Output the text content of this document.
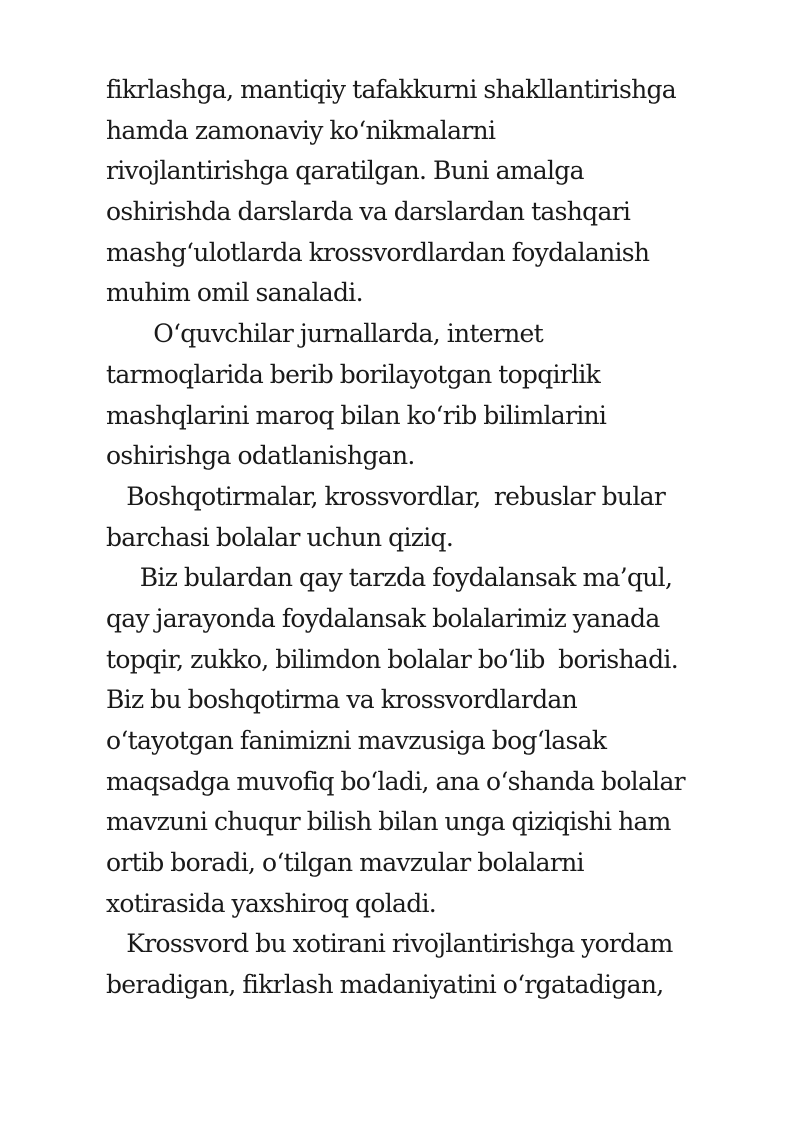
fikrlashga, mantiqiy tafakkurni shakllantirishga
hamda zamonaviy koʻnikmalarni
rivojlantirishga qaratilgan. Buni amalga
oshirishda darslarda va darslardan tashqari
mashgʻulotlarda krossvordlardan foydalanish
muhim omil sanaladi.
Oʻquvchilar jurnallarda, internet
tarmoqlarida berib borilayotgan topqirlik
mashqlarini maroq bilan koʻrib bilimlarini
oshirishga odatlanishgan.
Boshqotirmalar, krossvordlar,  rebuslar bular
barchasi bolalar uchun qiziq.
Biz bulardan qay tarzda foydalansak ma’qul,
qay jarayonda foydalansak bolalarimiz yanada
topqir, zukko, bilimdon bolalar boʻlib  borishadi.
Biz bu boshqotirma va krossvordlardan
oʻtayotgan fanimizni mavzusiga bogʻlasak
maqsadga muvofiq boʻladi, ana oʻshanda bolalar
mavzuni chuqur bilish bilan unga qiziqishi ham
ortib boradi, oʻtilgan mavzular bolalarni
xotirasida yaxshiroq qoladi.
Krossvord bu xotirani rivojlantirishga yordam
beradigan, fikrlash madaniyatini oʻrgatadigan,
